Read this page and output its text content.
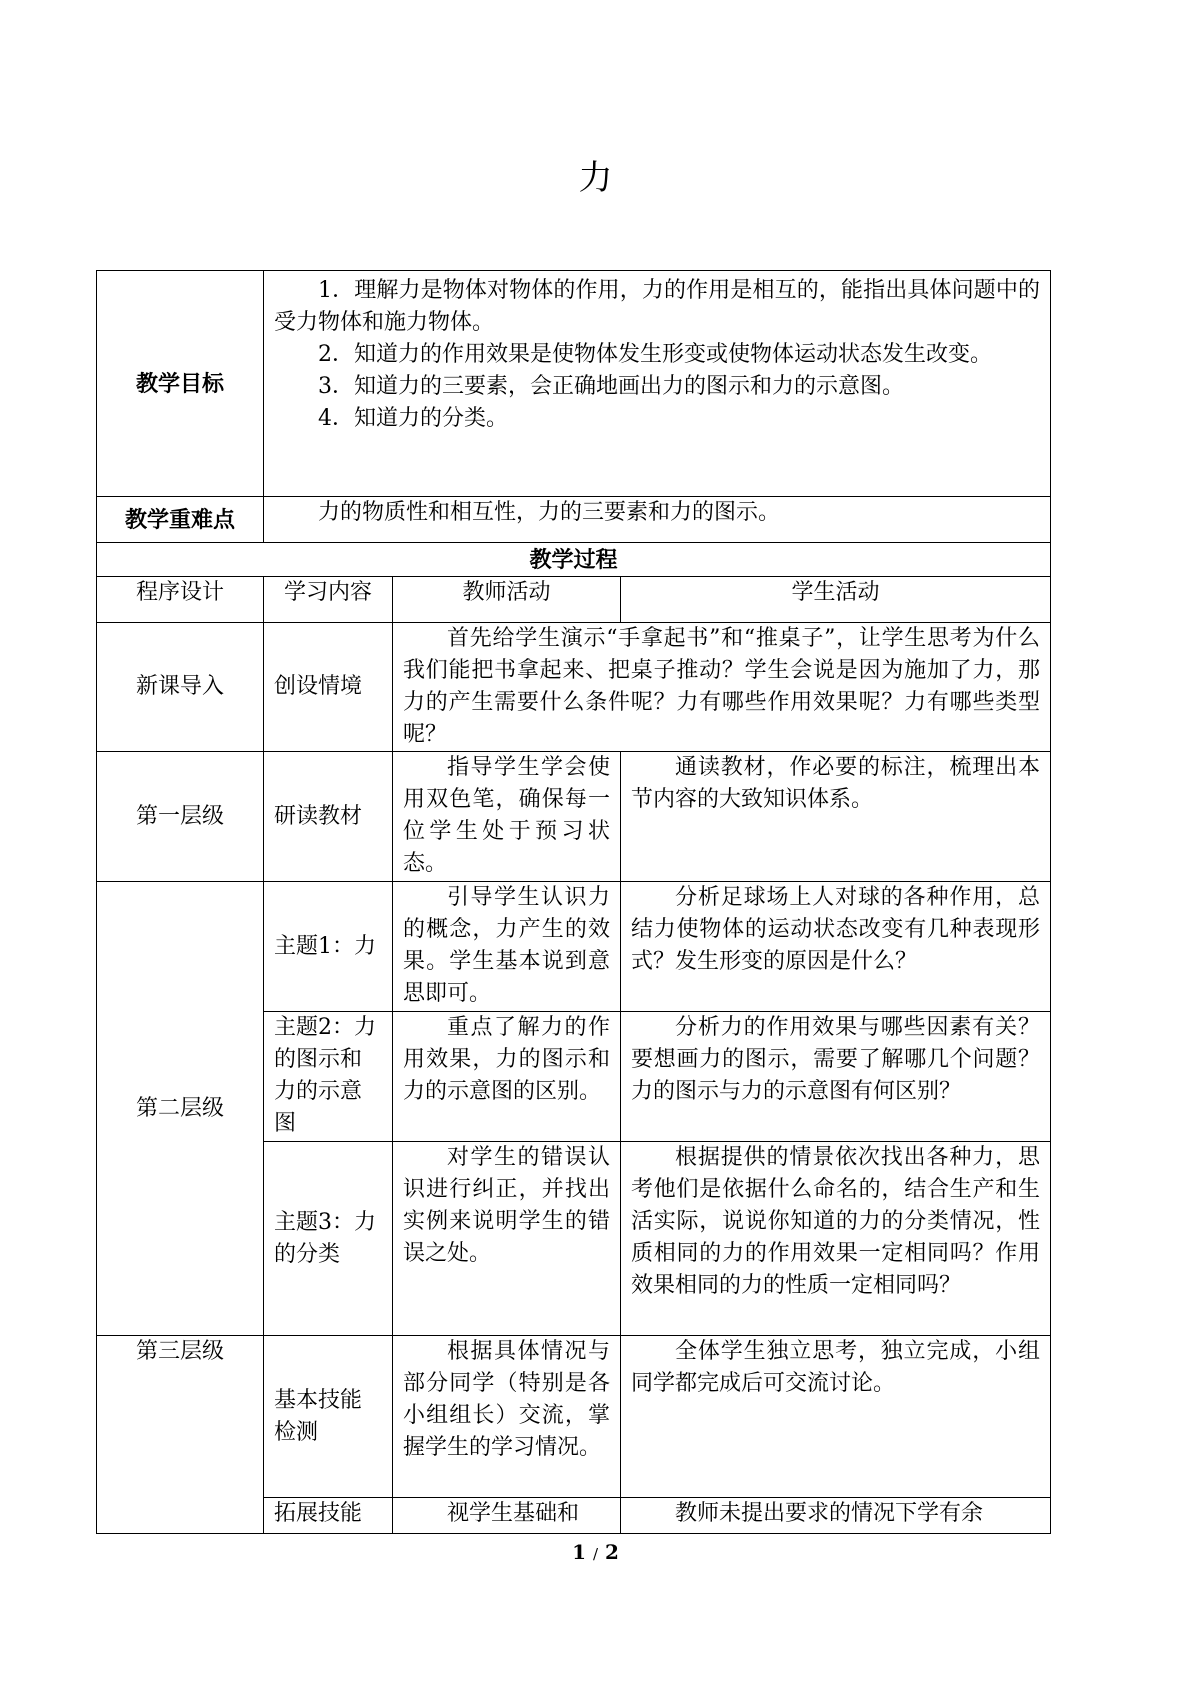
力
教学目标	1．理解力是物体对物体的作用，力的作用是相互的，能指出具体问题中的受力物体和施力物体。

2．知道力的作用效果是使物体发生形变或使物体运动状态发生改变。

3．知道力的三要素，会正确地画出力的图示和力的示意图。

4．知道力的分类。		

教学重难点	力的物质性和相互性，力的三要素和力的图示。		
教学过程			
程序设计	学习内容	教师活动	学生活动
新课导入	创设情境	首先给学生演示“手拿起书”和“推桌子”，让学生思考为什么我们能把书拿起来、把桌子推动？学生会说是因为施加了力，那力的产生需要什么条件呢？力有哪些作用效果呢？力有哪些类型呢？	
第一层级	研读教材	指导学生学会使用双色笔，确保每一位学生处于预习状态。	通读教材，作必要的标注，梳理出本节内容的大致知识体系。
第二层级	主题1：力	引导学生认识力的概念，力产生的效果。学生基本说到意思即可。	分析足球场上人对球的各种作用，总结力使物体的运动状态改变有几种表现形式？发生形变的原因是什么？
	主题2：力的图示和力的示意图	重点了解力的作用效果，力的图示和力的示意图的区别。	分析力的作用效果与哪些因素有关？要想画力的图示，需要了解哪几个问题？力的图示与力的示意图有何区别？
	主题3：力的分类	对学生的错误认识进行纠正，并找出实例来说明学生的错误之处。	根据提供的情景依次找出各种力，思考他们是依据什么命名的，结合生产和生活实际，说说你知道的力的分类情况，性质相同的力的作用效果一定相同吗？作用效果相同的力的性质一定相同吗？
第三层级	基本技能检测	根据具体情况与部分同学（特别是各小组组长）交流，掌握学生的学习情况。	全体学生独立思考，独立完成，小组同学都完成后可交流讨论。
	拓展技能	视学生基础和	教师未提出要求的情况下学有余
1 / 2
